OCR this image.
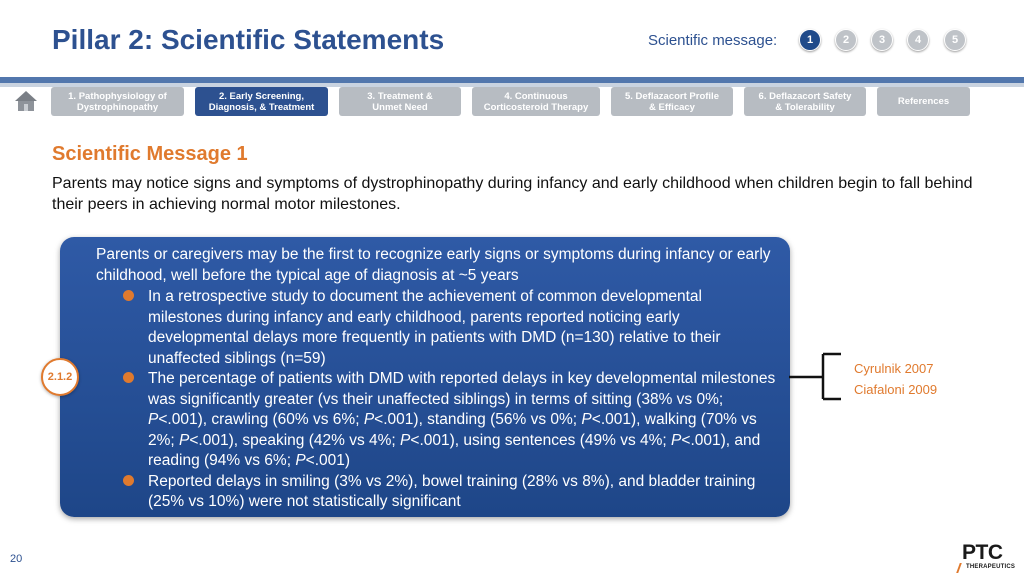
Pillar 2: Scientific Statements	Scientific message:	1	2	3	4	5
1. Pathophysiology of
Dystrophinopathy
2. Early Screening,
Diagnosis, & Treatment
3. Treatment &
Unmet Need
4. Continuous
Corticosteroid Therapy
5. Deflazacort Profile
& Efficacy
6. Deflazacort Safety
& Tolerability	References
Scientific Message 1
Parents may notice signs and symptoms of dystrophinopathy during infancy and early childhood when children begin to fall behind their peers in achieving normal motor milestones.
Parents or caregivers may be the first to recognize early signs or symptoms during infancy or early childhood, well before the typical age of diagnosis at ~5 years
In a retrospective study to document the achievement of common developmental milestones during infancy and early childhood, parents reported noticing early developmental delays more frequently in patients with DMD (n=130) relative to their unaffected siblings (n=59)
The percentage of patients with DMD with reported delays in key developmental milestones was significantly greater (vs their unaffected siblings) in terms of sitting (38% vs 0%; P<.001), crawling (60% vs 6%; P<.001), standing (56% vs 0%; P<.001), walking (70% vs 2%; P<.001), speaking (42% vs 4%; P<.001), using sentences (49% vs 4%; P<.001), and reading (94% vs 6%; P<.001)
Reported delays in smiling (3% vs 2%), bowel training (28% vs 8%), and bladder training (25% vs 10%) were not statistically significant
2.1.2
Cyrulnik 2007
Ciafaloni 2009
20	PTC
THERAPEUTICS
